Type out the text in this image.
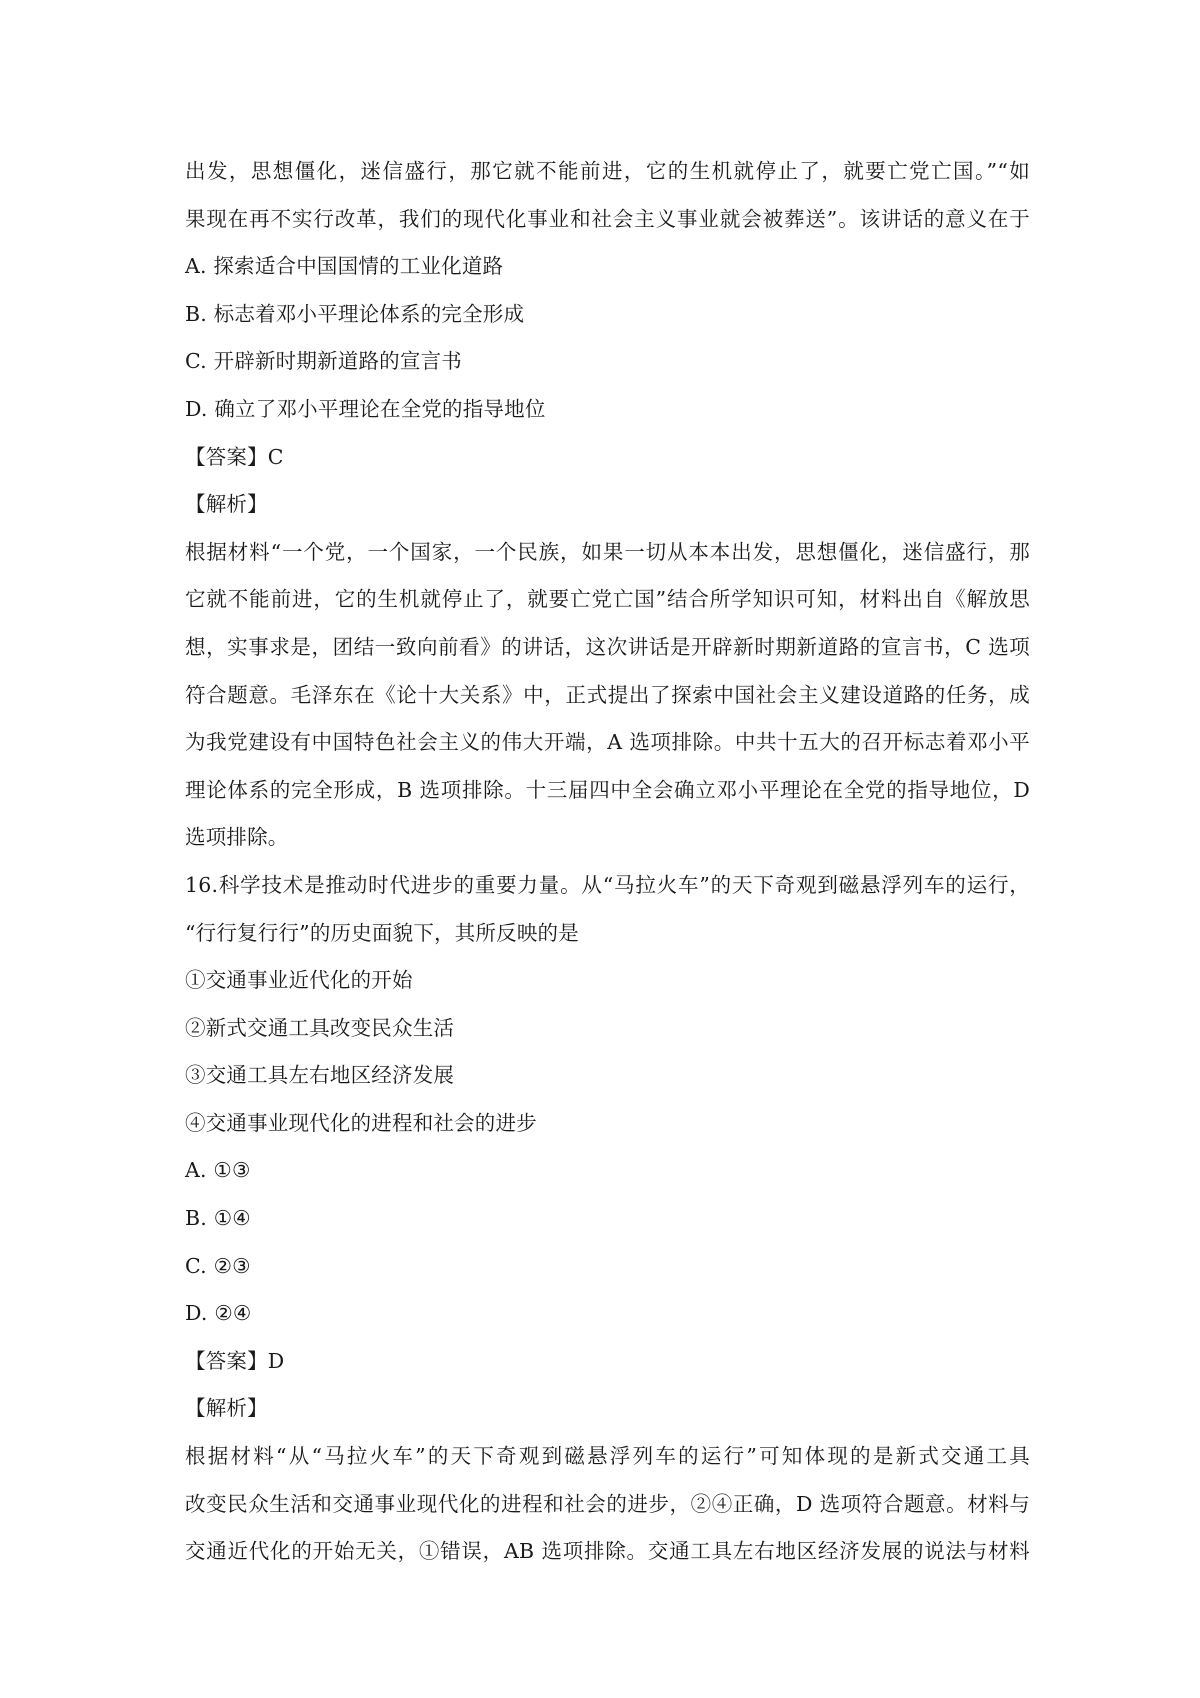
出发，思想僵化，迷信盛行，那它就不能前进，它的生机就停止了，就要亡党亡国。”“如
果现在再不实行改革，我们的现代化事业和社会主义事业就会被葬送”。该讲话的意义在于
A. 探索适合中国国情的工业化道路
B. 标志着邓小平理论体系的完全形成
C. 开辟新时期新道路的宣言书
D. 确立了邓小平理论在全党的指导地位
【答案】C
【解析】
根据材料“一个党，一个国家，一个民族，如果一切从本本出发，思想僵化，迷信盛行，那
它就不能前进，它的生机就停止了，就要亡党亡国”结合所学知识可知，材料出自《解放思
想，实事求是，团结一致向前看》的讲话，这次讲话是开辟新时期新道路的宣言书，C 选项
符合题意。毛泽东在《论十大关系》中，正式提出了探索中国社会主义建设道路的任务，成
为我党建设有中国特色社会主义的伟大开端，A 选项排除。中共十五大的召开标志着邓小平
理论体系的完全形成，B 选项排除。十三届四中全会确立邓小平理论在全党的指导地位，D
选项排除。
16.科学技术是推动时代进步的重要力量。从“马拉火车”的天下奇观到磁悬浮列车的运行，
“行行复行行”的历史面貌下，其所反映的是
①交通事业近代化的开始
②新式交通工具改变民众生活
③交通工具左右地区经济发展
④交通事业现代化的进程和社会的进步
A. ①③
B. ①④
C. ②③
D. ②④
【答案】D
【解析】
根据材料“从“马拉火车”的天下奇观到磁悬浮列车的运行”可知体现的是新式交通工具
改变民众生活和交通事业现代化的进程和社会的进步，②④正确，D 选项符合题意。材料与
交通近代化的开始无关，①错误，AB 选项排除。交通工具左右地区经济发展的说法与材料
